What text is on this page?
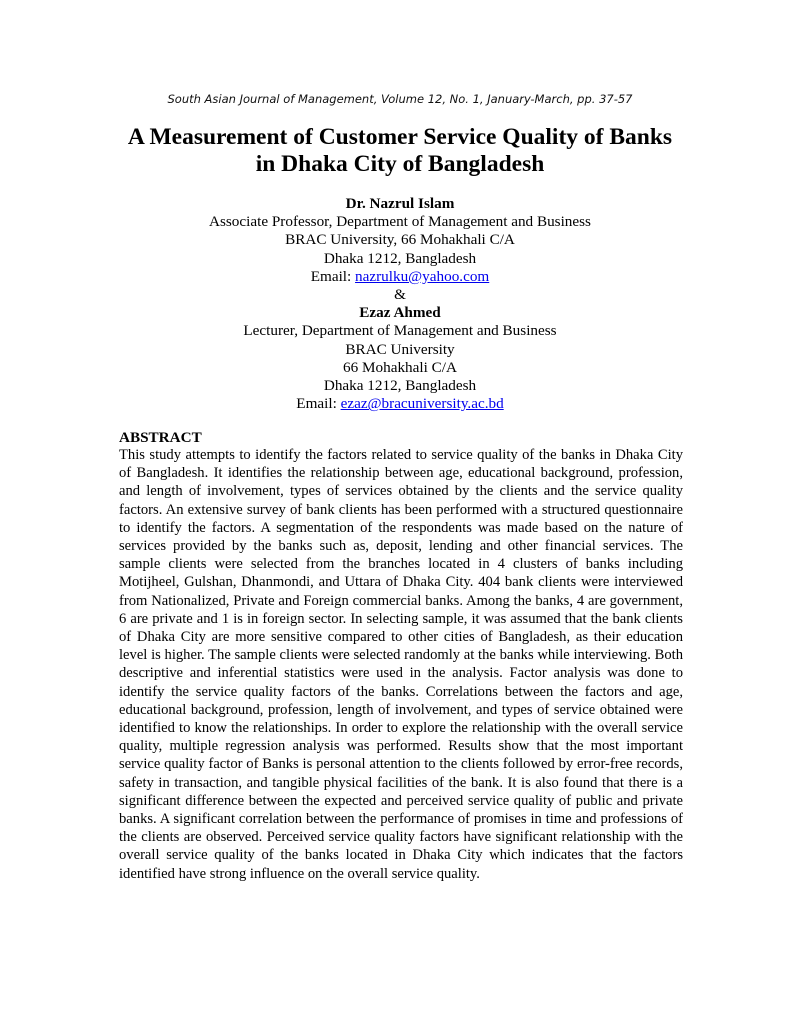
South Asian Journal of Management, Volume 12, No. 1, January-March, pp. 37-57
A Measurement of Customer Service Quality of Banks
in Dhaka City of Bangladesh
Dr. Nazrul Islam
Associate Professor, Department of Management and Business
BRAC University, 66 Mohakhali C/A
Dhaka 1212, Bangladesh
Email: nazrulku@yahoo.com
&
Ezaz Ahmed
Lecturer, Department of Management and Business
BRAC University
66 Mohakhali C/A
Dhaka 1212, Bangladesh
Email: ezaz@bracuniversity.ac.bd
ABSTRACT
This study attempts to identify the factors related to service quality of the banks in Dhaka City of Bangladesh. It identifies the relationship between age, educational background, profession, and length of involvement, types of services obtained by the clients and the service quality factors. An extensive survey of bank clients has been performed with a structured questionnaire to identify the factors. A segmentation of the respondents was made based on the nature of services provided by the banks such as, deposit, lending and other financial services. The sample clients were selected from the branches located in 4 clusters of banks including Motijheel, Gulshan, Dhanmondi, and Uttara of Dhaka City. 404 bank clients were interviewed from Nationalized, Private and Foreign commercial banks. Among the banks, 4 are government, 6 are private and 1 is in foreign sector. In selecting sample, it was assumed that the bank clients of Dhaka City are more sensitive compared to other cities of Bangladesh, as their education level is higher. The sample clients were selected randomly at the banks while interviewing. Both descriptive and inferential statistics were used in the analysis. Factor analysis was done to identify the service quality factors of the banks. Correlations between the factors and age, educational background, profession, length of involvement, and types of service obtained were identified to know the relationships. In order to explore the relationship with the overall service quality, multiple regression analysis was performed. Results show that the most important service quality factor of Banks is personal attention to the clients followed by error-free records, safety in transaction, and tangible physical facilities of the bank. It is also found that there is a significant difference between the expected and perceived service quality of public and private banks. A significant correlation between the performance of promises in time and professions of the clients are observed. Perceived service quality factors have significant relationship with the overall service quality of the banks located in Dhaka City which indicates that the factors identified have strong influence on the overall service quality.
